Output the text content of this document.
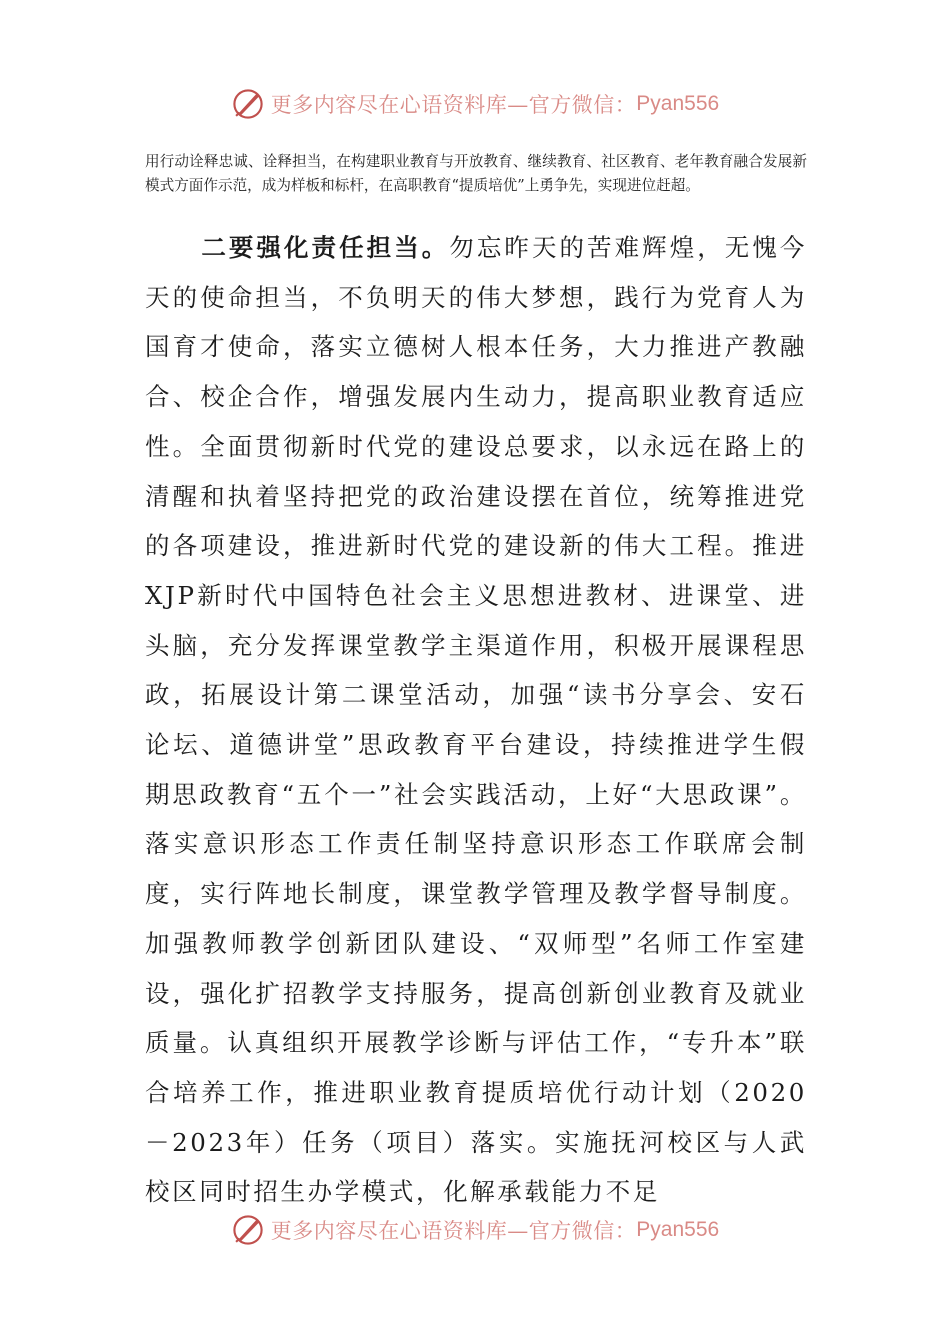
更多内容尽在心语资料库—官方微信： Pyan556

用行动诠释忠诚、诠释担当，在构建职业教育与开放教育、继续教育、社区教育、老年教育融合发展新模式方面作示范，成为样板和标杆，在高职教育“提质培优”上勇争先，实现进位赶超。

二要强化责任担当。勿忘昨天的苦难辉煌，无愧今天的使命担当，不负明天的伟大梦想，践行为党育人为国育才使命，落实立德树人根本任务，大力推进产教融合、校企合作，增强发展内生动力，提高职业教育适应性。全面贯彻新时代党的建设总要求，以永远在路上的清醒和执着坚持把党的政治建设摆在首位，统筹推进党的各项建设，推进新时代党的建设新的伟大工程。推进XJP新时代中国特色社会主义思想进教材、进课堂、进头脑，充分发挥课堂教学主渠道作用，积极开展课程思政，拓展设计第二课堂活动，加强“读书分享会、安石论坛、道德讲堂”思政教育平台建设，持续推进学生假期思政教育“五个一”社会实践活动，上好“大思政课”。落实意识形态工作责任制坚持意识形态工作联席会制度，实行阵地长制度，课堂教学管理及教学督导制度。加强教师教学创新团队建设、“双师型”名师工作室建设，强化扩招教学支持服务，提高创新创业教育及就业质量。认真组织开展教学诊断与评估工作，“专升本”联合培养工作，推进职业教育提质培优行动计划（2020－2023年）任务（项目）落实。实施抚河校区与人武校区同时招生办学模式，化解承载能力不足

更多内容尽在心语资料库—官方微信： Pyan556
